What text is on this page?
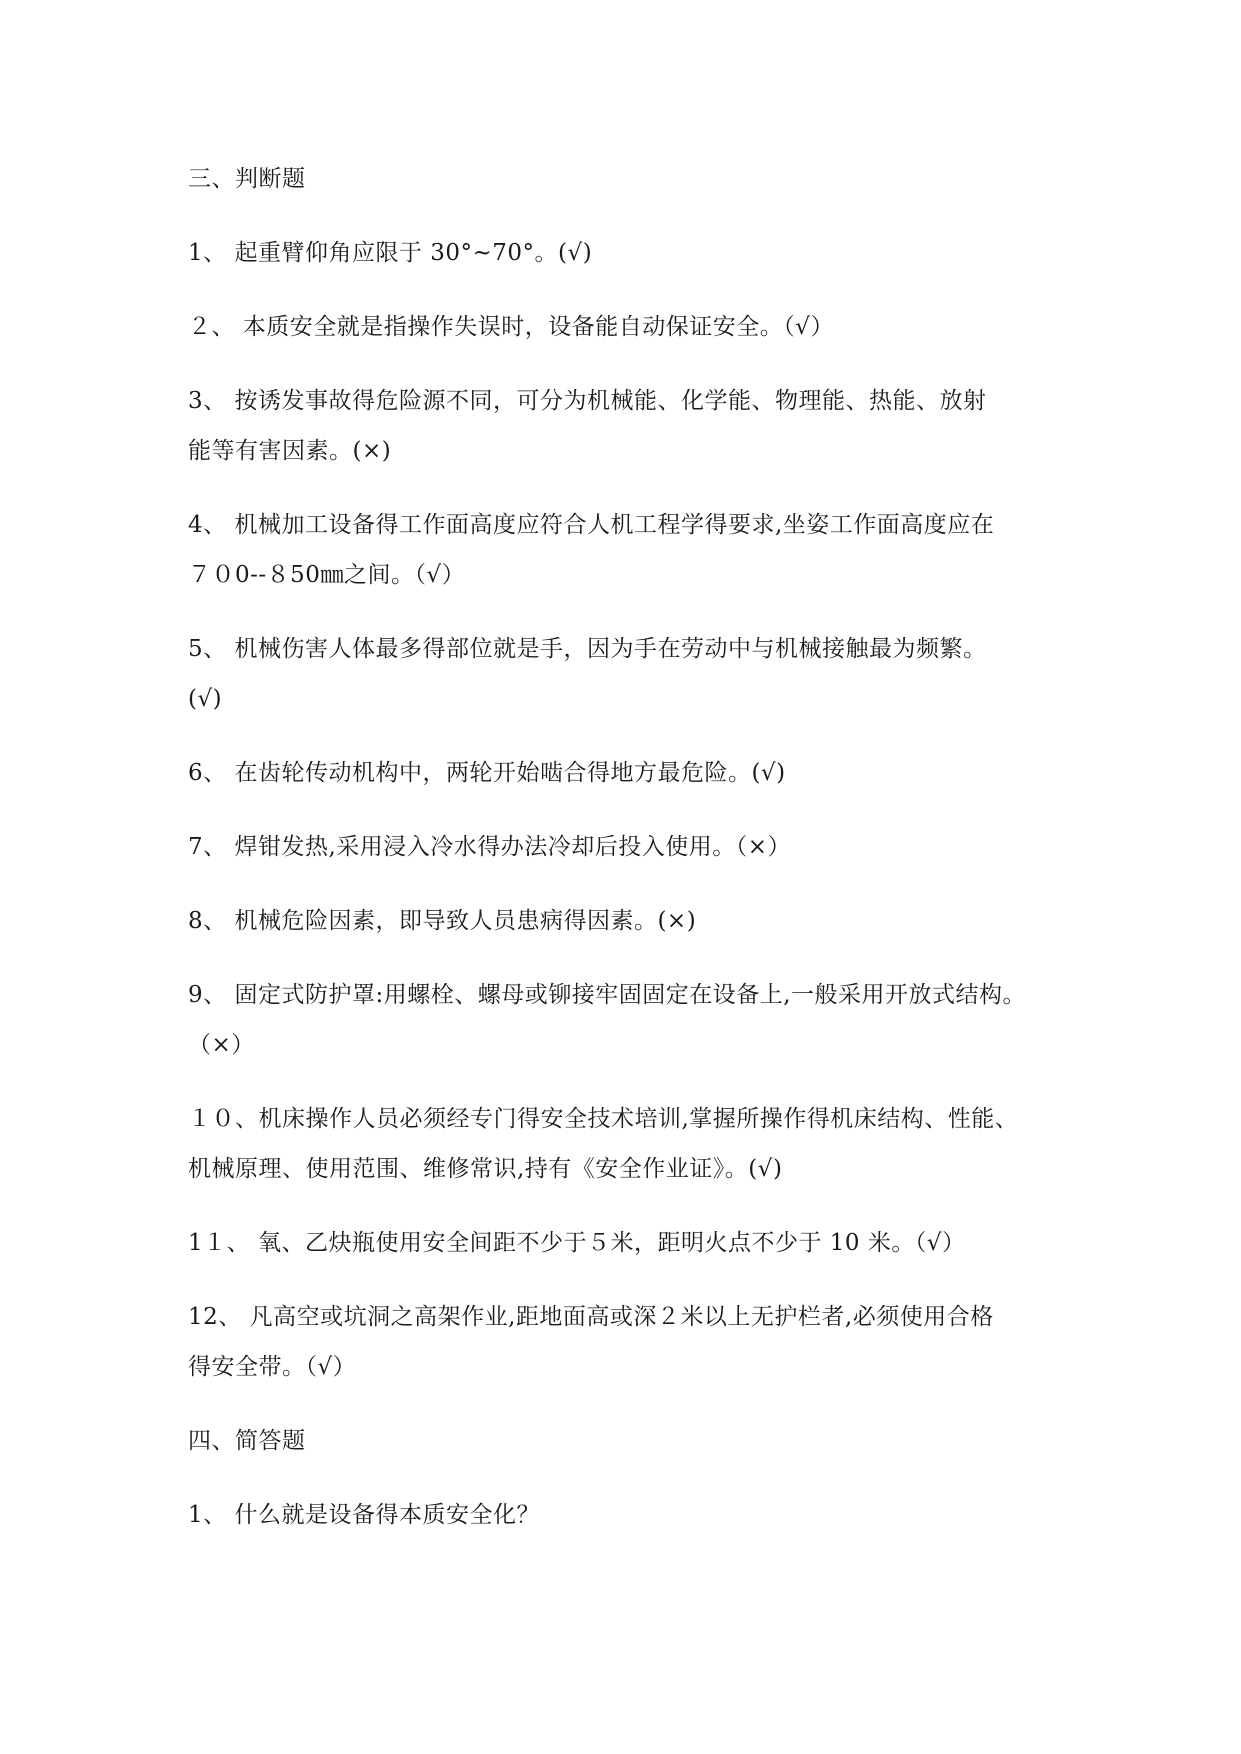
三、判断题
1、 起重臂仰角应限于 30°~70°。(√)
２、 本质安全就是指操作失误时，设备能自动保证安全。（√）
3、 按诱发事故得危险源不同，可分为机械能、化学能、物理能、热能、放射
能等有害因素。(×)
4、 机械加工设备得工作面高度应符合人机工程学得要求,坐姿工作面高度应在
７０0--８50㎜之间。（√）
5、 机械伤害人体最多得部位就是手，因为手在劳动中与机械接触最为频繁。
(√)
6、 在齿轮传动机构中，两轮开始啮合得地方最危险。(√)
7、 焊钳发热,采用浸入冷水得办法冷却后投入使用。（×）
8、 机械危险因素，即导致人员患病得因素。(×)
9、 固定式防护罩:用螺栓、螺母或铆接牢固固定在设备上,一般采用开放式结构。
（×）
１０、机床操作人员必须经专门得安全技术培训,掌握所操作得机床结构、性能、
机械原理、使用范围、维修常识,持有《安全作业证》。(√)
1１、 氧、乙炔瓶使用安全间距不少于５米，距明火点不少于 10 米。（√）
12、 凡高空或坑洞之高架作业,距地面高或深２米以上无护栏者,必须使用合格
得安全带。（√）
四、简答题
1、 什么就是设备得本质安全化？
